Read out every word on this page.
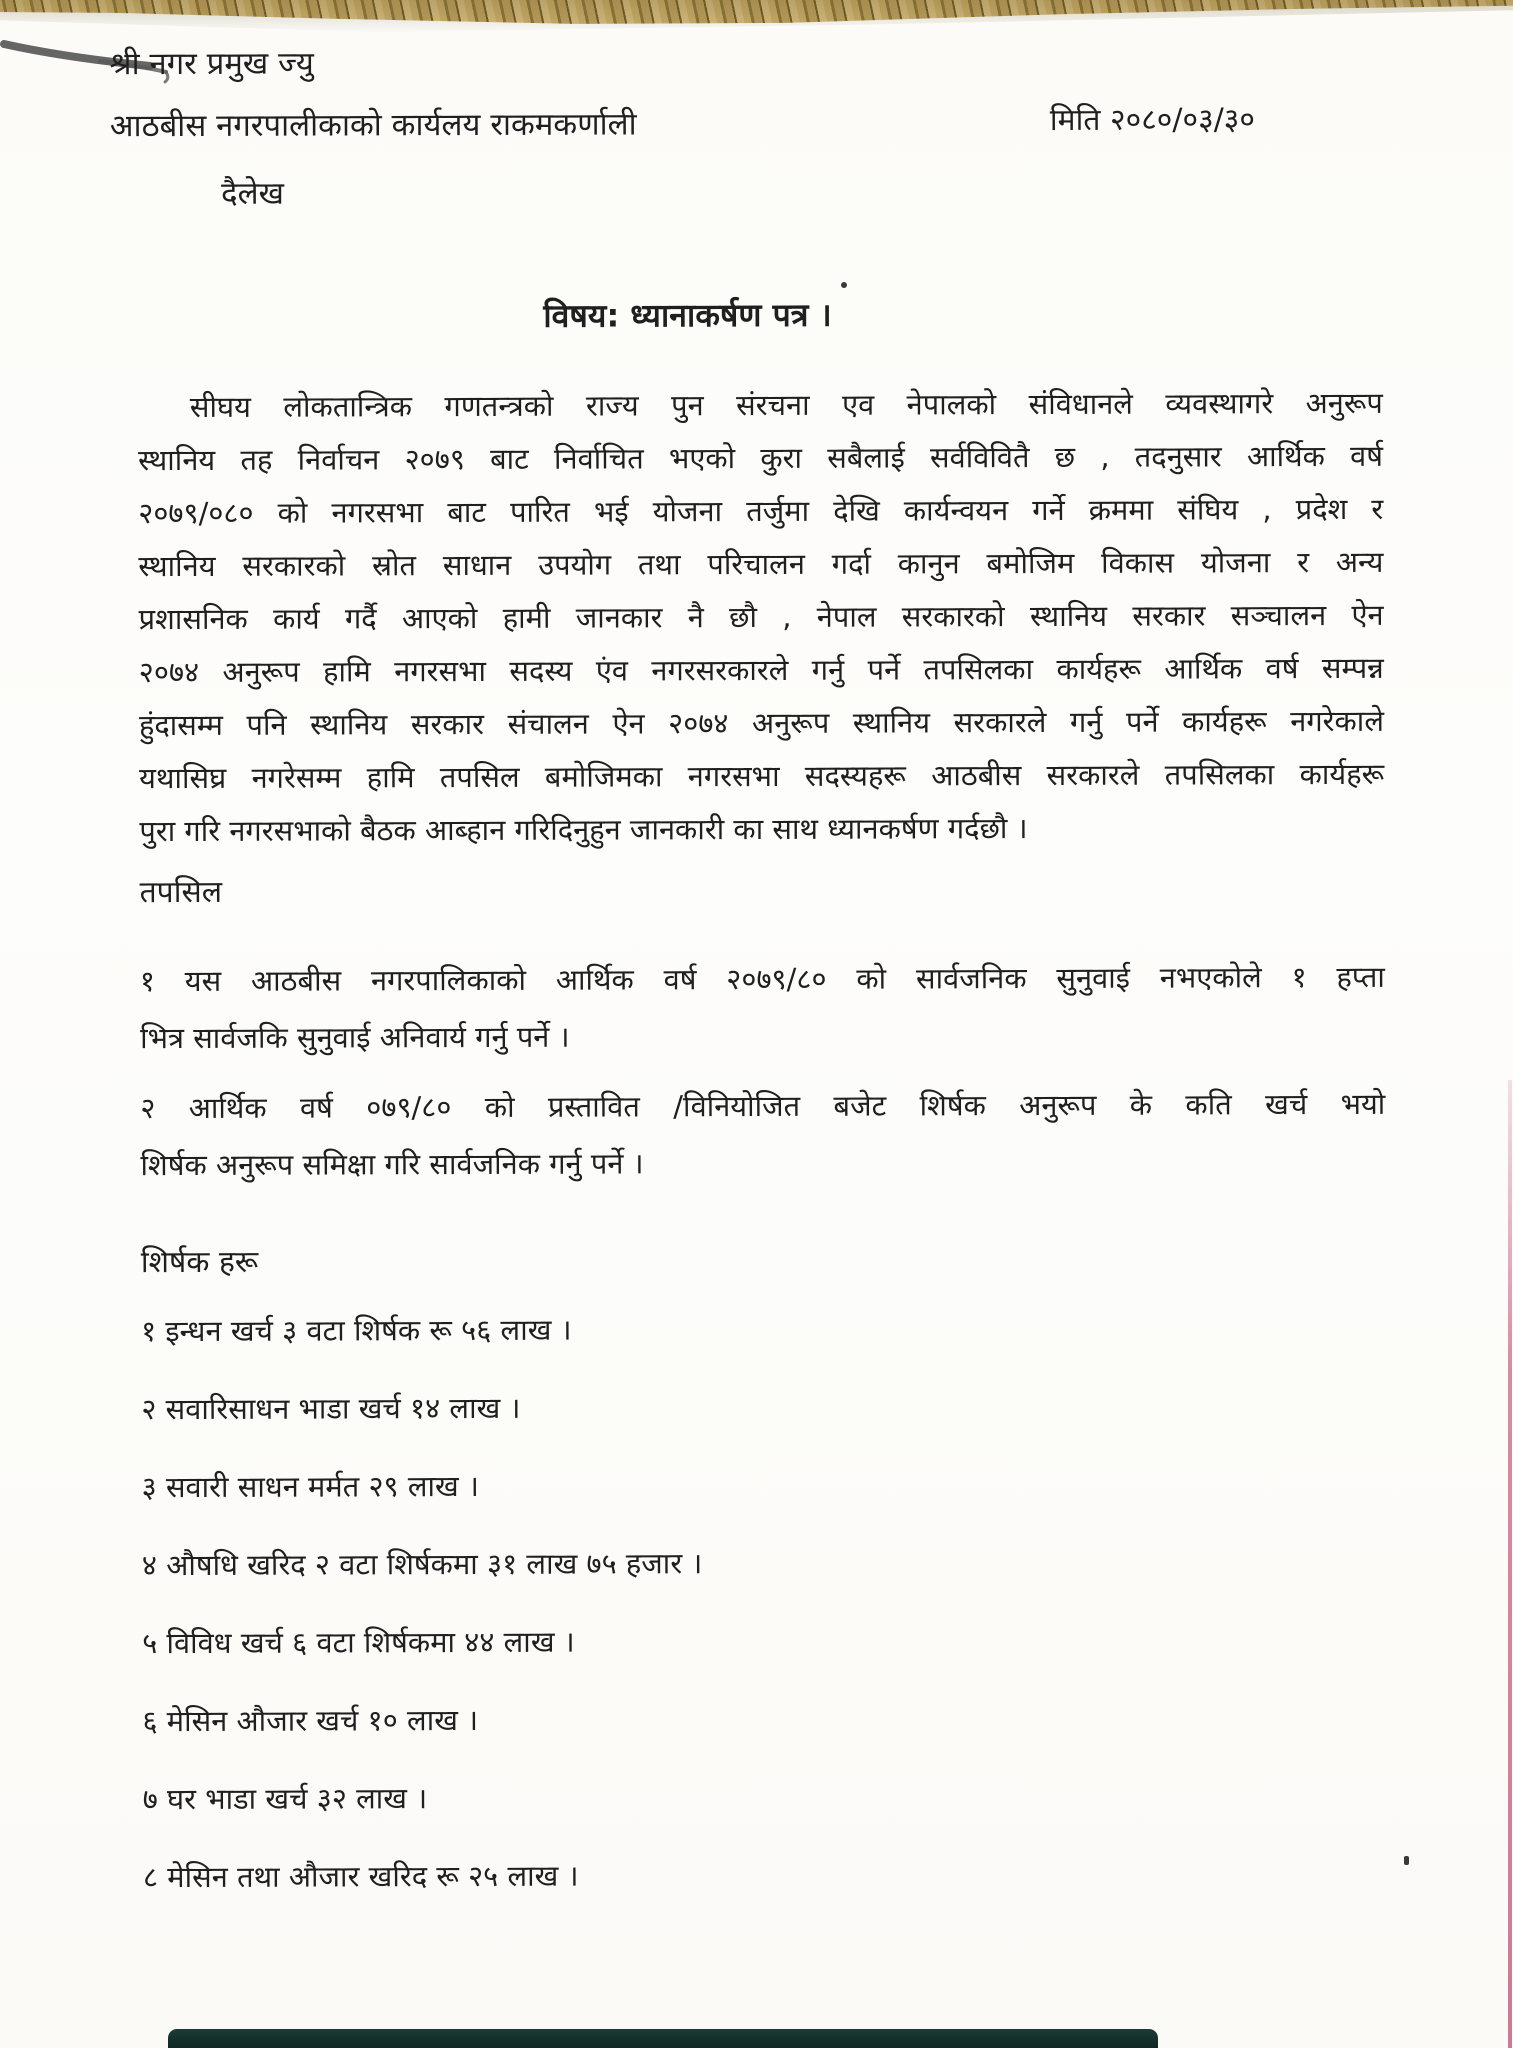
श्री नगर प्रमुख ज्यु
आठबीस नगरपालीकाको कार्यलय राकमकर्णाली	मिति २०८०/०३/३०
दैलेख
विषय: ध्यानाकर्षण पत्र ।
सीघय लोकतान्त्रिक गणतन्त्रको राज्य पुन संरचना एव नेपालको संविधानले व्यवस्थागरे अनुरूप
स्थानिय तह निर्वाचन २०७९ बाट निर्वाचित भएको कुरा सबैलाई सर्वविवितै छ , तदनुसार आर्थिक वर्ष
२०७९/०८० को नगरसभा बाट पारित भई योजना तर्जुमा देखि कार्यन्वयन गर्ने क्रममा संघिय , प्रदेश र
स्थानिय सरकारको स्रोत साधान उपयोग तथा परिचालन गर्दा कानुन बमोजिम विकास योजना र अन्य
प्रशासनिक कार्य गर्दै आएको हामी जानकार नै छौ , नेपाल सरकारको स्थानिय सरकार सञ्चालन ऐन
२०७४ अनुरूप हामि नगरसभा सदस्य एंव नगरसरकारले गर्नु पर्ने तपसिलका कार्यहरू आर्थिक वर्ष सम्पन्न
हुंदासम्म पनि स्थानिय सरकार संचालन ऐन २०७४ अनुरूप स्थानिय सरकारले गर्नु पर्ने कार्यहरू नगरेकाले
यथासिघ्र नगरेसम्म हामि तपसिल बमोजिमका नगरसभा सदस्यहरू आठबीस सरकारले तपसिलका कार्यहरू
पुरा गरि नगरसभाको बैठक आब्हान गरिदिनुहुन जानकारी का साथ ध्यानकर्षण गर्दछौ ।
तपसिल
१ यस आठबीस नगरपालिकाको आर्थिक वर्ष २०७९/८० को सार्वजनिक सुनुवाई नभएकोले १ हप्ता
भित्र सार्वजकि सुनुवाई अनिवार्य गर्नु पर्ने ।
२ आर्थिक वर्ष ०७९/८० को प्रस्तावित /विनियोजित बजेट शिर्षक अनुरूप के कति खर्च भयो
शिर्षक अनुरूप समिक्षा गरि सार्वजनिक गर्नु पर्ने ।
शिर्षक हरू
१ इन्धन खर्च ३ वटा शिर्षक रू ५६ लाख ।
२ सवारिसाधन भाडा खर्च १४ लाख ।
३ सवारी साधन मर्मत २९ लाख ।
४ औषधि खरिद २ वटा शिर्षकमा ३१ लाख ७५ हजार ।
५ विविध खर्च ६ वटा शिर्षकमा ४४ लाख ।
६ मेसिन औजार खर्च १० लाख ।
७ घर भाडा खर्च ३२ लाख ।
८ मेसिन तथा औजार खरिद रू २५ लाख ।
